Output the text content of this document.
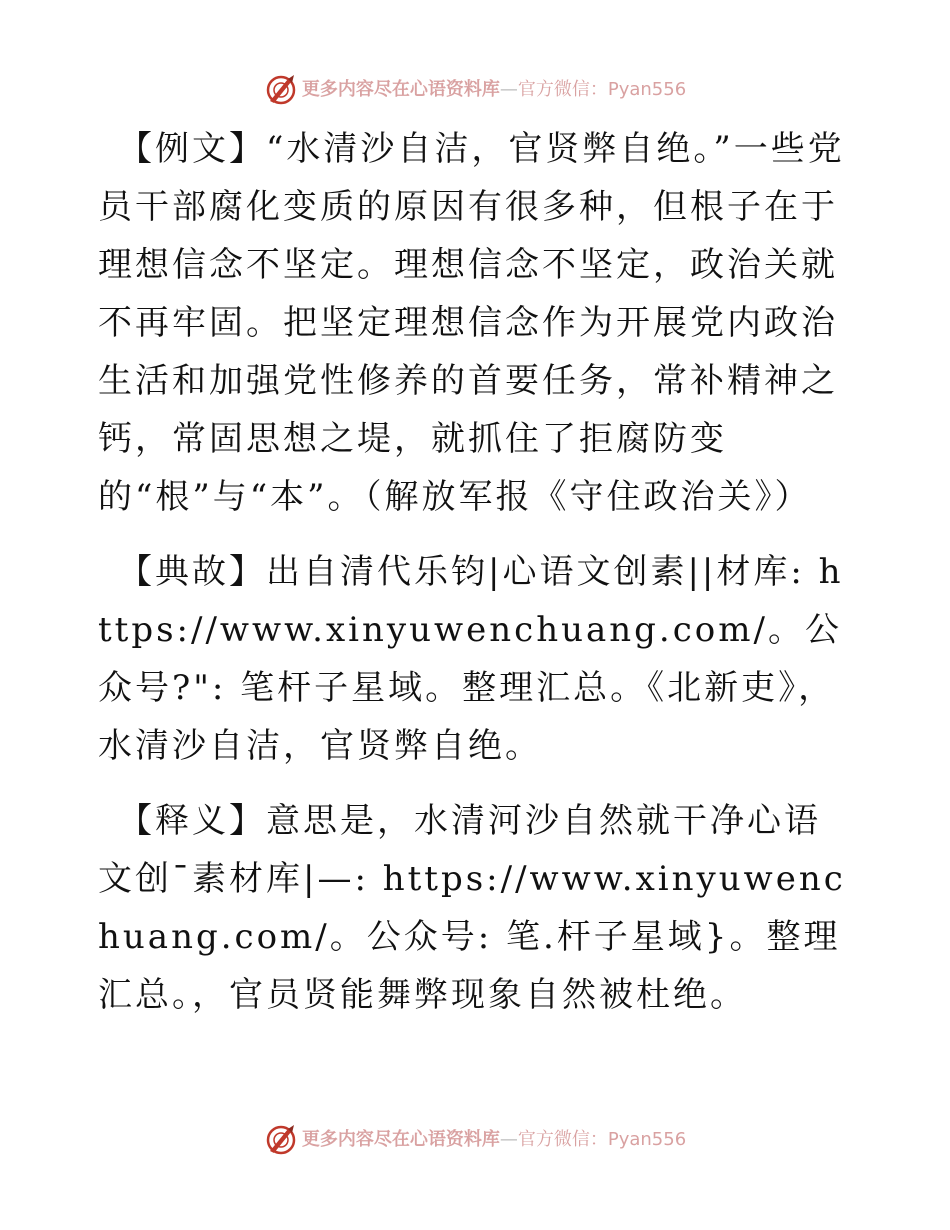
更多内容尽在心语资料库 — 官方微信：Pyan556

【例文】“水清沙自洁，官贤弊自绝。”一些党员干部腐化变质的原因有很多种，但根子在于理想信念不坚定。理想信念不坚定，政治关就不再牢固。把坚定理想信念作为开展党内政治生活和加强党性修养的首要任务，常补精神之钙，常固思想之堤，就抓住了拒腐防变的“根”与“本”。（解放军报《守住政治关》）

【典故】出自清代乐钧|心语文创素||材库: https://www.xinyuwenchuang.com/。公众号?": 笔杆子星域。整理汇总。《北新吏》，水清沙自洁，官贤弊自绝。

【释义】意思是，水清河沙自然就干净心语文创¯素材库|—: https://www.xinyuwenchuang.com/。公众号: 笔.杆子星域}。整理汇总。，官员贤能舞弊现象自然被杜绝。

更多内容尽在心语资料库 — 官方微信：Pyan556
